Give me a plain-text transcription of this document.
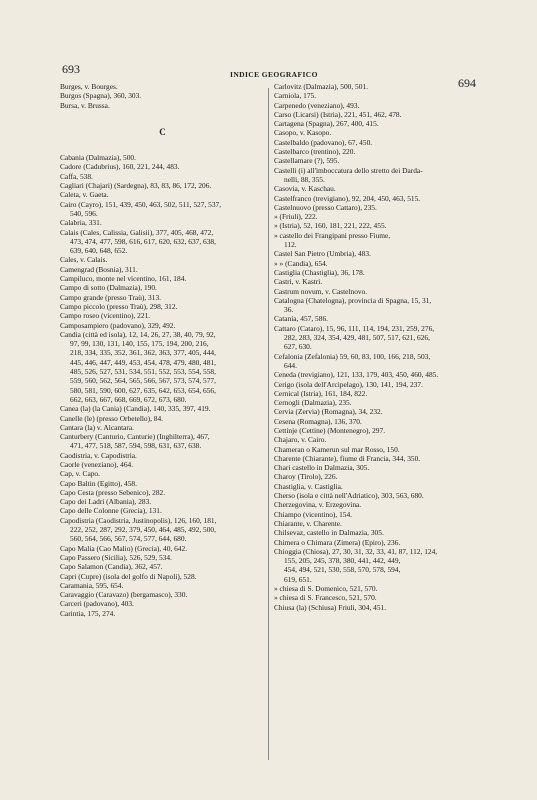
693	INDICE GEOGRAFICO
694
Burges, v. Bourges.
Burgos (Spagna), 360, 303.
Bursa, v. Brussa.
C
Cabania (Dalmazia), 500.
Cadore (Cadubrius), 160, 221, 244, 483.
Caffa, 538.
Cagliari (Chajari) (Sardegna), 83, 83, 86, 172, 206.
Caleta, v. Gaeta.
Cairo (Cayro), 151, 439, 450, 463, 502, 511, 527, 537,
540, 596.
Calabria, 331.
Calais (Cales, Calissia, Galisii), 377, 405, 468, 472,
473, 474, 477, 598, 616, 617, 620, 632, 637, 638,
639, 640, 648, 652.
Cales, v. Calais.
Camengrad (Bosnia), 311.
Campiluco, monte nel vicentino, 161, 184.
Campo di sotto (Dalmazia), 190.
Campo grande (presso Traù), 313.
Campo piccolo (presso Traù), 298, 312.
Campo roseo (vicentino), 221.
Camposampiero (padovano), 329, 492.
Candia (città ed isola), 12, 14, 26, 27, 38, 40, 79, 92,
97, 99, 130, 131, 140, 155, 175, 194, 200, 216,
218, 334, 335, 352, 361, 362, 363, 377, 405, 444,
445, 446, 447, 449, 453, 454, 478, 479, 480, 481,
485, 526, 527, 531, 534, 551, 552, 553, 554, 558,
559, 560, 562, 564, 565, 566, 567, 573, 574, 577,
580, 581, 590, 600, 627, 635, 642, 653, 654, 656,
662, 663, 667, 668, 669, 672, 673, 680.
Canea (la) (la Cania) (Candia), 140, 335, 397, 419.
Canelle (le) (presso Orbetello), 84.
Cantara (la) v. Alcantara.
Canturbery (Canturio, Canturie) (Inghilterra), 467,
471, 477, 518, 587, 594, 598, 631, 637, 638.
Caodistria, v. Capodistria.
Caorle (veneziano), 464.
Cap, v. Capo.
Capo Baltin (Egitto), 458.
Capo Cesta (presso Sebenico), 282.
Capo dei Ladri (Albania), 283.
Capo delle Colonne (Grecia), 131.
Capodistria (Caodistria, Justinopolis), 126, 160, 181,
222, 252, 287, 292, 379, 450, 464, 485, 492, 500,
560, 564, 566, 567, 574, 577, 644, 680.
Capo Malia (Cao Malio) (Grecia), 40, 642.
Capo Passero (Sicilia), 526, 529, 534.
Capo Salamon (Candia), 362, 457.
Capri (Cupre) (isola del golfo di Napoli), 528.
Caramania, 595, 654.
Caravaggio (Caravazo) (bergamasco), 330.
Carceri (padovano), 403.
Carintia, 175, 274.
Carlovitz (Dalmazia), 500, 501.
Carniola, 175.
Carpenedo (veneziano), 493.
Carso (Licarsi) (Istria), 221, 451, 462, 478.
Cartagena (Spagna), 267, 400, 415.
Casopo, v. Kasopo.
Castelbaldo (padovano), 67, 450.
Castelbarco (trentino), 220.
Castellamare (?), 595.
Castelli (i) all'imboccatura dello stretto dei Darda-
nelli, 88, 355.
Casovia, v. Kaschau.
Castelfranco (trevigiano), 92, 204, 450, 463, 515.
Castelnuovo (presso Cattaro), 235.
» (Friuli), 222.
» (Istria), 52, 160, 181, 221, 222, 455.
» castello dei Frangipani presso Fiume,
112.
Castel San Pietro (Umbria), 483.
» » (Candia), 654.
Castiglia (Chastiglia), 36, 178.
Castri, v. Kastri.
Castrum novum, v. Castelnovo.
Catalogna (Chatelogna), provincia di Spagna, 15, 31,
36.
Catania, 457, 586.
Cattaro (Cataro), 15, 96, 111, 114, 194, 231, 259, 276,
282, 283, 324, 354, 429, 481, 507, 517, 621, 626,
627, 630.
Cefalonia (Zefalonia) 59, 60, 83, 100, 166, 218, 503,
644.
Ceneda (trevigiano), 121, 133, 179, 403, 450, 460, 485.
Cerigo (isola dell'Arcipelago), 130, 141, 194, 237.
Cernical (Istria), 161, 184, 822.
Cernogli (Dalmazia), 235.
Cervia (Zervia) (Romagna), 34, 232.
Cesena (Romagna), 136, 370.
Cettinje (Cettine) (Montenegro), 297.
Chajaro, v. Cairo.
Chameran o Kamerun sul mar Rosso, 150.
Charente (Chiarante), fiume di Francia, 344, 350.
Chari castello in Dalmazia, 305.
Charoy (Tirolo), 226.
Chastiglia, v. Castiglia.
Cherso (isola e città nell'Adriatico), 303, 563, 680.
Cherzegovina, v. Erzegovina.
Chiampo (vicentino), 154.
Chiarante, v. Charente.
Chilsevaz, castello in Dalmazia, 305.
Chimera o Chimara (Zimera) (Epiro), 236.
Chioggia (Chiosa), 27, 30, 31, 32, 33, 41, 87, 112, 124,
155, 205, 245, 378, 380, 441, 442, 449,
454, 494, 521, 530, 558, 570, 578, 594,
619, 651.
» chiesa di S. Domenico, 521, 570.
» chiesa di S. Francesco, 521, 570.
Chiusa (la) (Schiusa) Friuli, 304, 451.
